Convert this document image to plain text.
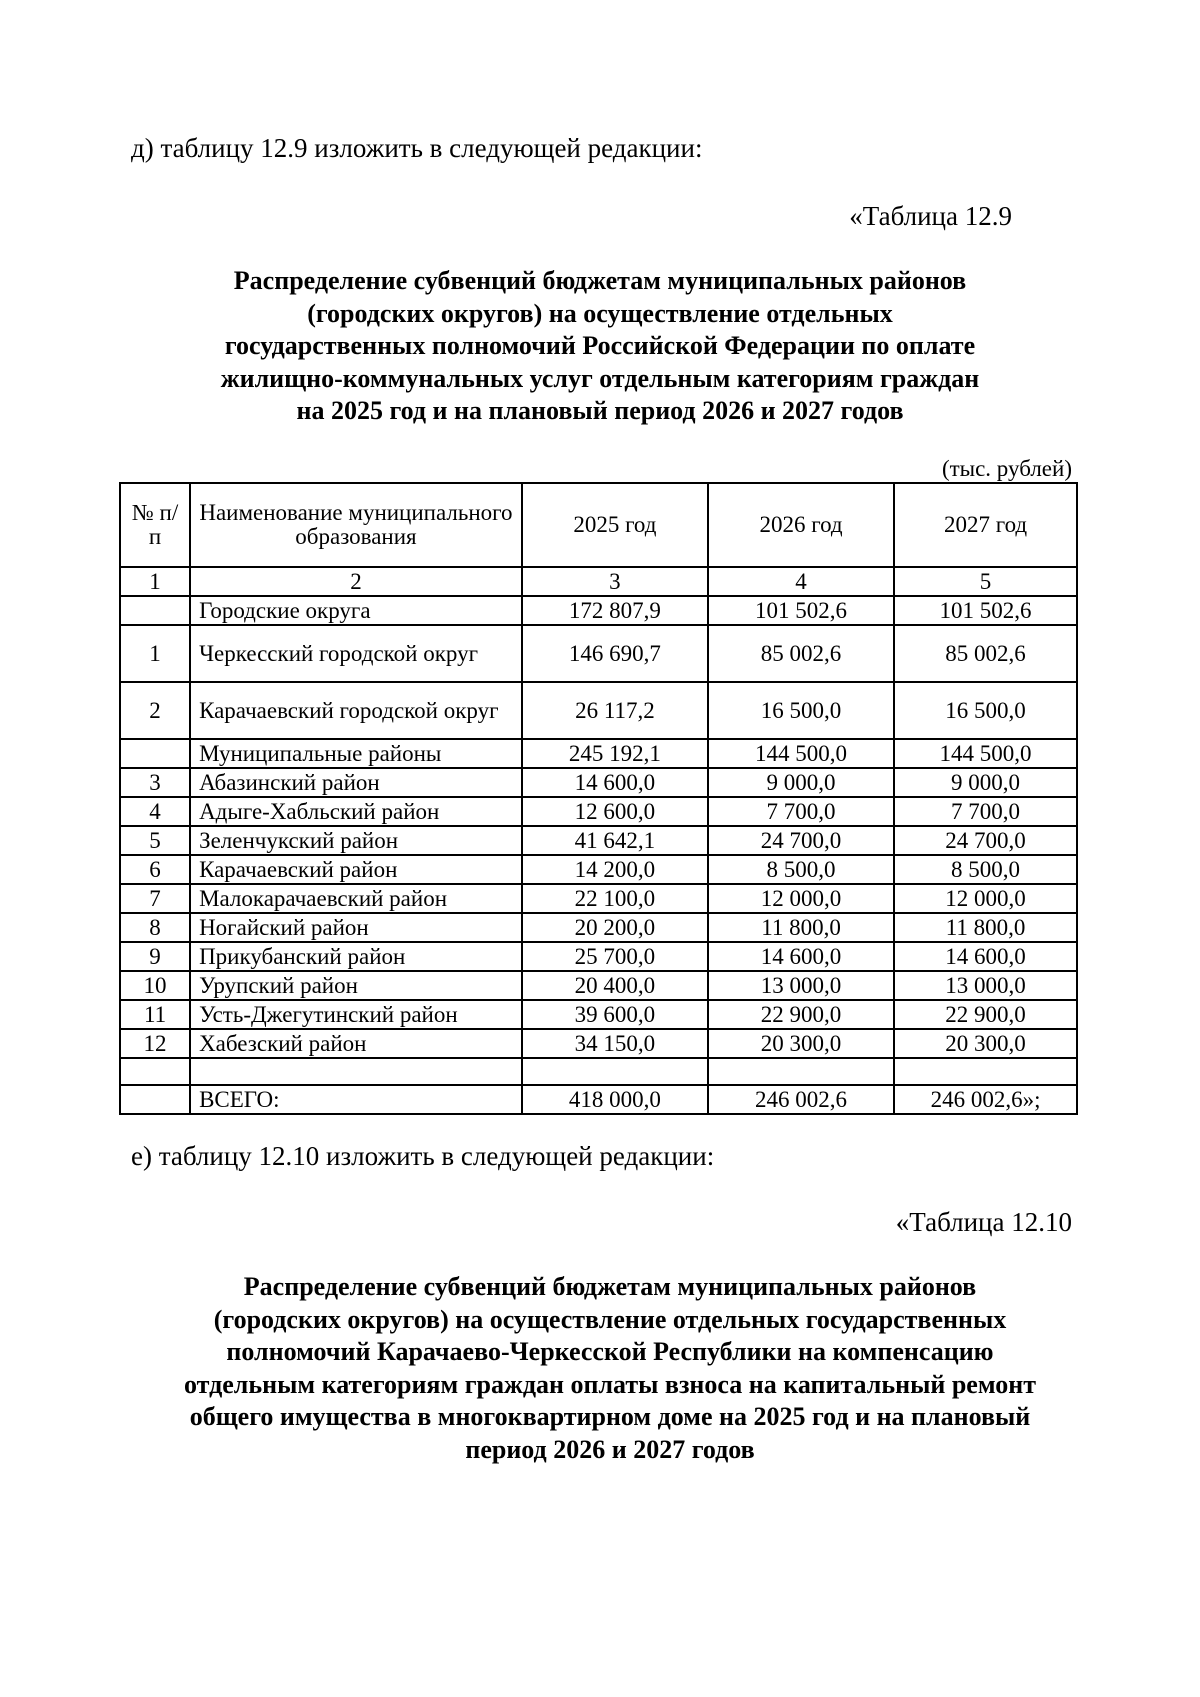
д) таблицу 12.9 изложить в следующей редакции:
«Таблица 12.9
Распределение субвенций бюджетам муниципальных районов
(городских округов) на осуществление отдельных
государственных полномочий Российской Федерации по оплате
жилищно-коммунальных услуг отдельным категориям граждан
на 2025 год и на плановый период 2026 и 2027 годов
(тыс. рублей)
№ п/п	Наименование муниципального образования	2025 год	2026 год	2027 год
1	2	3	4	5
	Городские округа	172 807,9	101 502,6	101 502,6
1	Черкесский городской округ	146 690,7	85 002,6	85 002,6
2	Карачаевский городской округ	26 117,2	16 500,0	16 500,0
	Муниципальные районы	245 192,1	144 500,0	144 500,0
3	Абазинский район	14 600,0	9 000,0	9 000,0
4	Адыге-Хабльский район	12 600,0	7 700,0	7 700,0
5	Зеленчукский район	41 642,1	24 700,0	24 700,0
6	Карачаевский район	14 200,0	8 500,0	8 500,0
7	Малокарачаевский район	22 100,0	12 000,0	12 000,0
8	Ногайский район	20 200,0	11 800,0	11 800,0
9	Прикубанский район	25 700,0	14 600,0	14 600,0
10	Урупский район	20 400,0	13 000,0	13 000,0
11	Усть-Джегутинский район	39 600,0	22 900,0	22 900,0
12	Хабезский район	34 150,0	20 300,0	20 300,0

	ВСЕГО:	418 000,0	246 002,6	246 002,6»;
е) таблицу 12.10 изложить в следующей редакции:
«Таблица 12.10
Распределение субвенций бюджетам муниципальных районов
(городских округов) на осуществление отдельных государственных
полномочий Карачаево-Черкесской Республики на компенсацию
отдельным категориям граждан оплаты взноса на капитальный ремонт
общего имущества в многоквартирном доме на 2025 год и на плановый
период 2026 и 2027 годов
